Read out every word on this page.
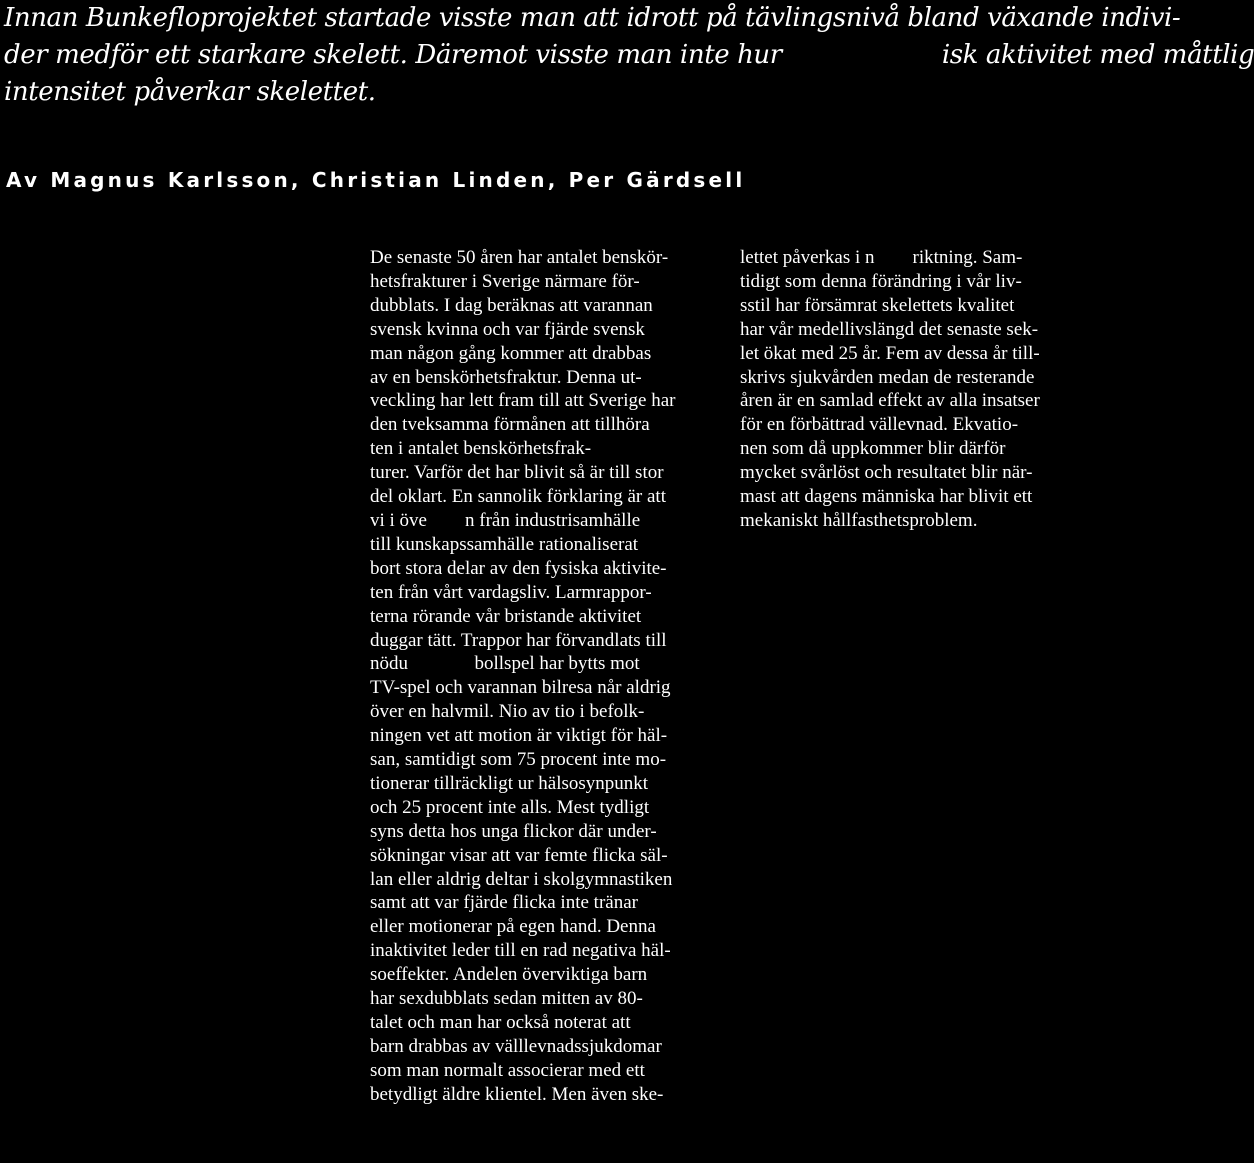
Innan Bunkefloprojektet startade visste man att idrott på tävlingsnivå bland växande indivi-
der medför ett starkare skelett. Däremot visste man inte hur	isk aktivitet med måttlig
intensitet påverkar skelettet.
Av Magnus Karlsson, Christian Linden, Per Gärdsell
De senaste 50 åren har antalet benskör-
hetsfrakturer i Sverige närmare för-
dubblats. I dag beräknas att varannan
svensk kvinna och var fjärde svensk
man någon gång kommer att drabbas
av en benskörhetsfraktur. Denna ut-
veckling har lett fram till att Sverige har
den tveksamma förmånen att tillhöra
ten i antalet benskörhetsfrak-
turer. Varför det har blivit så är till stor
del oklart. En sannolik förklaring är att
vi i öve        n från industrisamhälle
till kunskapssamhälle rationaliserat
bort stora delar av den fysiska aktivite-
ten från vårt vardagsliv. Larmrappor-
terna rörande vår bristande aktivitet
duggar tätt. Trappor har förvandlats till
nödu              bollspel har bytts mot
TV-spel och varannan bilresa når aldrig
över en halvmil. Nio av tio i befolk-
ningen vet att motion är viktigt för häl-
san, samtidigt som 75 procent inte mo-
tionerar tillräckligt ur hälsosynpunkt
och 25 procent inte alls. Mest tydligt
syns detta hos unga flickor där under-
sökningar visar att var femte flicka säl-
lan eller aldrig deltar i skolgymnastiken
samt att var fjärde flicka inte tränar
eller motionerar på egen hand. Denna
inaktivitet leder till en rad negativa häl-
soeffekter. Andelen överviktiga barn
har sexdubblats sedan mitten av 80-
talet och man har också noterat att
barn drabbas av välllevnadssjukdomar
som man normalt associerar med ett
betydligt äldre klientel. Men även ske-
lettet påverkas i n        riktning. Sam-
tidigt som denna förändring i vår liv-
sstil har försämrat skelettets kvalitet
har vår medellivslängd det senaste sek-
let ökat med 25 år. Fem av dessa år till-
skrivs sjukvården medan de resterande
åren är en samlad effekt av alla insatser
för en förbättrad vällevnad. Ekvatio-
nen som då uppkommer blir därför
mycket svårlöst och resultatet blir när-
mast att dagens människa har blivit ett
mekaniskt hållfasthetsproblem.
